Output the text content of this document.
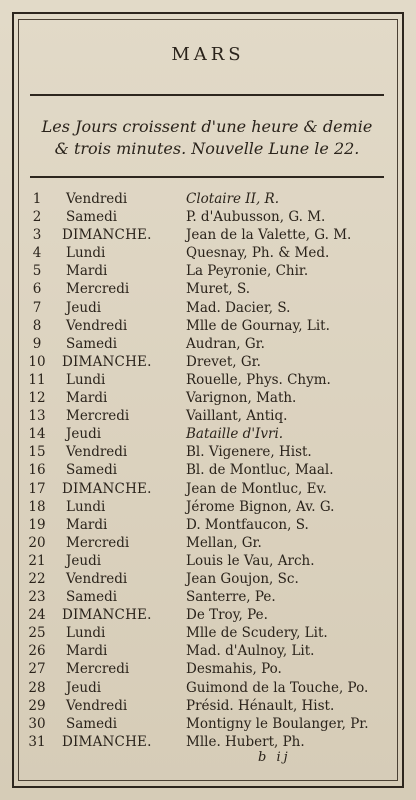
MARS
Les Jours croissent d'une heure & demie
& trois minutes. Nouvelle Lune le 22.
1	Vendredi	Clotaire II, R.
2	Samedi	P. d'Aubusson, G. M.
3	DIMANCHE.	Jean de la Valette, G. M.
4	Lundi	Quesnay, Ph. & Med.
5	Mardi	La Peyronie, Chir.
6	Mercredi	Muret, S.
7	Jeudi	Mad. Dacier, S.
8	Vendredi	Mlle de Gournay, Lit.
9	Samedi	Audran, Gr.
10 DIMANCHE.	Drevet, Gr.
11 Lundi	Rouelle, Phys. Chym.
12 Mardi	Varignon, Math.
13 Mercredi	Vaillant, Antiq.
14 Jeudi	Bataille d'Ivri.
15 Vendredi	Bl. Vigenere, Hist.
16 Samedi	Bl. de Montluc, Maal.
17 DIMANCHE.	Jean de Montluc, Ev.
18 Lundi	Jérome Bignon, Av. G.
19 Mardi	D. Montfaucon, S.
20 Mercredi	Mellan, Gr.
21 Jeudi	Louis le Vau, Arch.
22 Vendredi	Jean Goujon, Sc.
23 Samedi	Santerre, Pe.
24 DIMANCHE.	De Troy, Pe.
25 Lundi	Mlle de Scudery, Lit.
26 Mardi	Mad. d'Aulnoy, Lit.
27 Mercredi	Desmahis, Po.
28 Jeudi	Guimond de la Touche, Po.
29 Vendredi	Présid. Hénault, Hist.
30 Samedi	Montigny le Boulanger, Pr.
31 DIMANCHE.	Mlle. Hubert, Ph.
b ij
